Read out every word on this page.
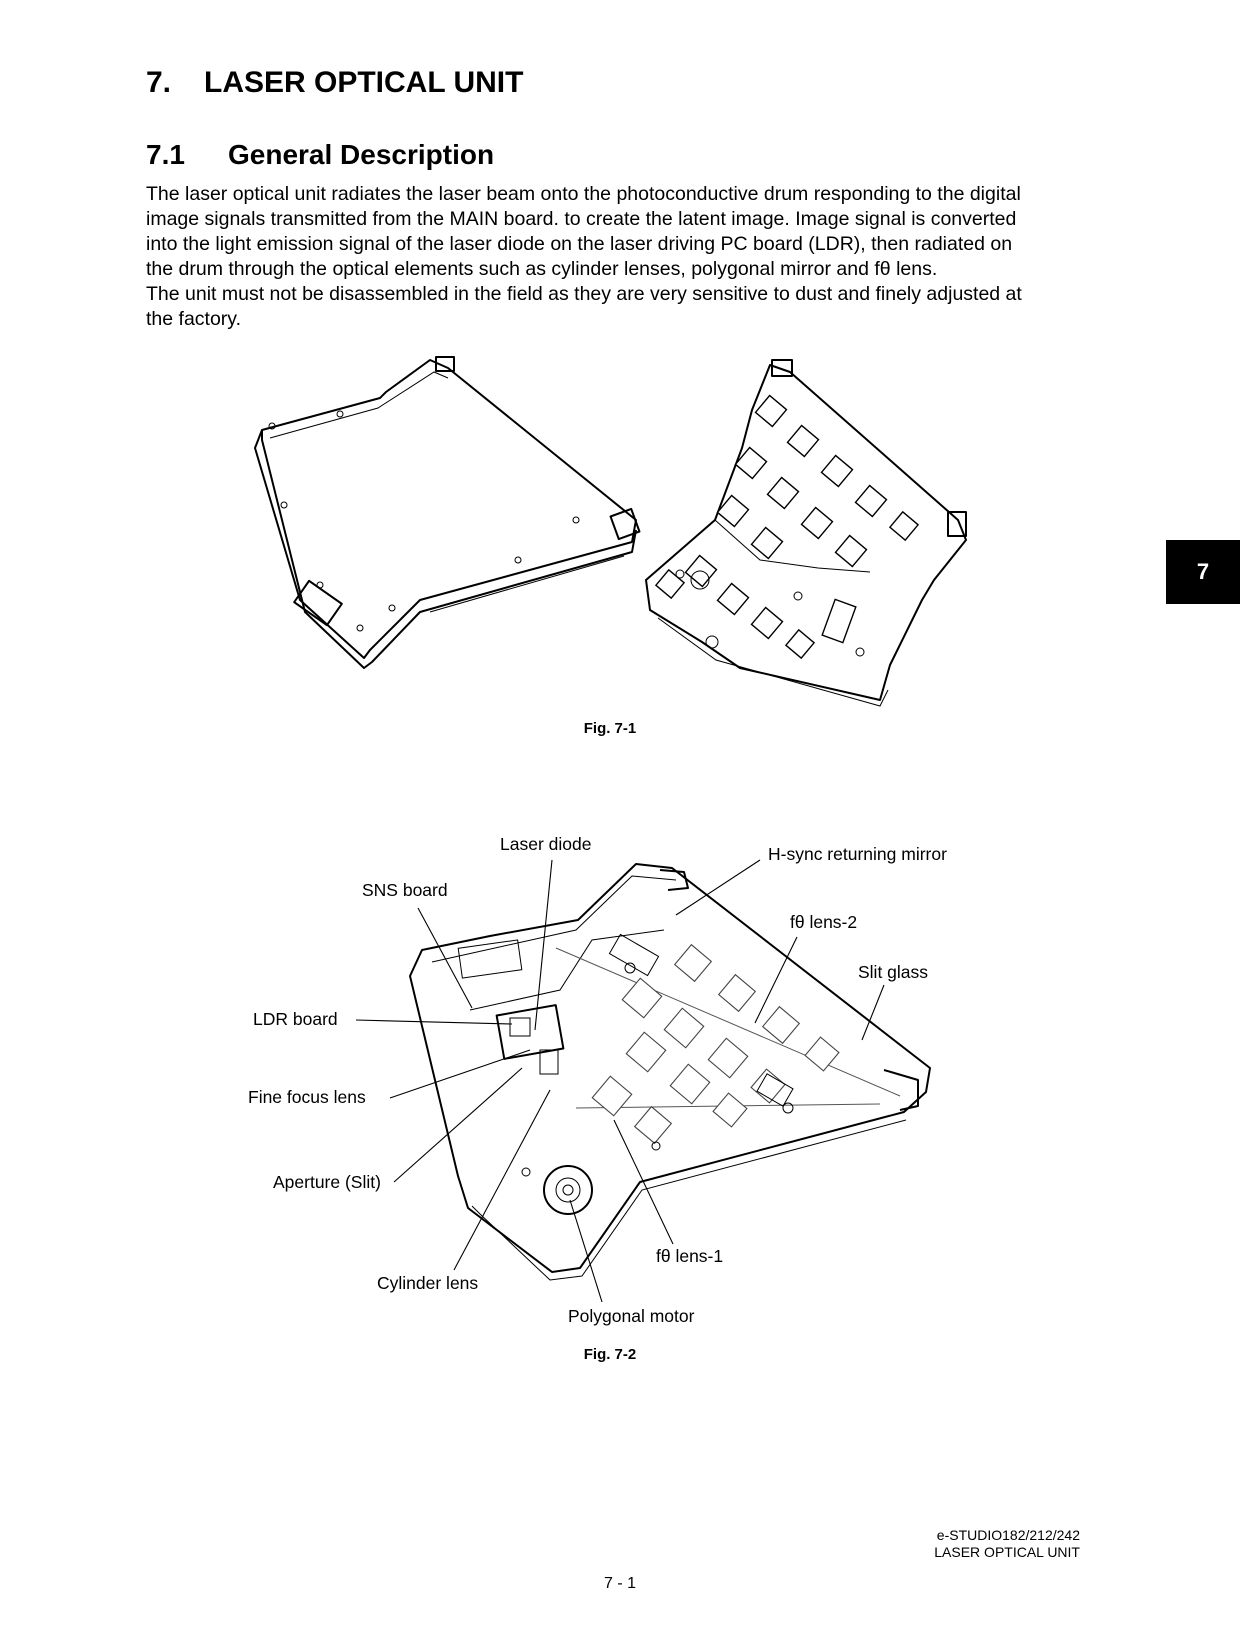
7. LASER OPTICAL UNIT
7.1 General Description

The laser optical unit radiates the laser beam onto the photoconductive drum responding to the digital

image signals transmitted from the MAIN board. to create the latent image. Image signal is converted

into the light emission signal of the laser diode on the laser driving PC board (LDR), then radiated on

the drum through the optical elements such as cylinder lenses, polygonal mirror and fθ lens.

The unit must not be disassembled in the field as they are very sensitive to dust and finely adjusted at

the factory.

7
Fig. 7-1
Fig. 7-2
Laser diode	H-sync returning mirror
SNS board
fθ lens-2
Slit glass
LDR board
Fine focus lens
Aperture (Slit)
fθ lens-1
Cylinder lens
Polygonal motor
e-STUDIO182/212/242
LASER OPTICAL UNIT
7 - 1
